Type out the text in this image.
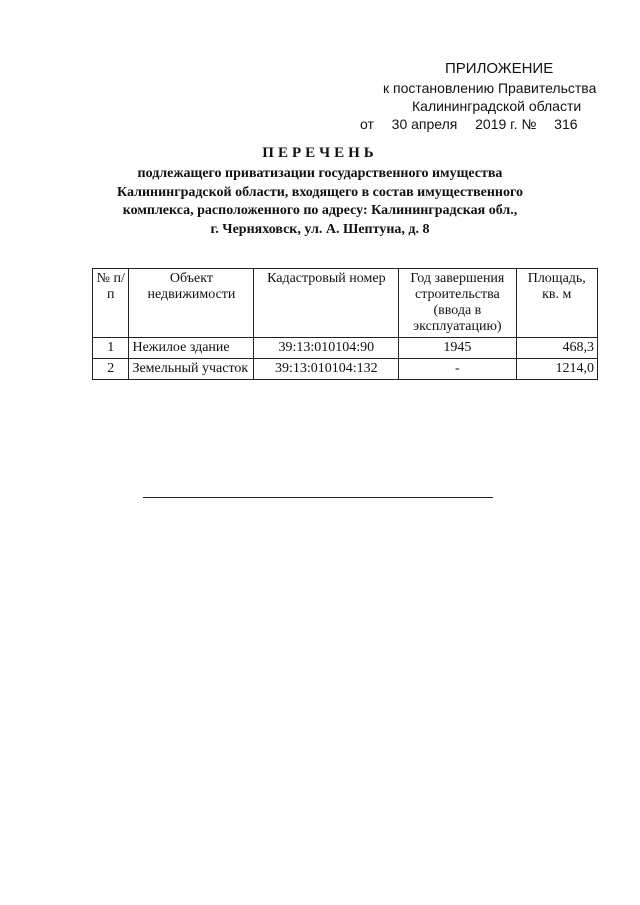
ПРИЛОЖЕНИЕ
к постановлению Правительства
Калининградской области
от 30 апреля 2019 г. № 316
ПЕРЕЧЕНЬ
подлежащего приватизации государственного имущества
Калининградской области, входящего в состав имущественного
комплекса, расположенного по адресу: Калининградская обл.,
г. Черняховск, ул. А. Шептуна, д. 8
№ п/п	Объект недвижимости	Кадастровый номер	Год завершения строительства (ввода в эксплуатацию)	Площадь, кв. м
1	Нежилое здание	39:13:010104:90	1945	468,3
2	Земельный участок	39:13:010104:132	-	1214,0
